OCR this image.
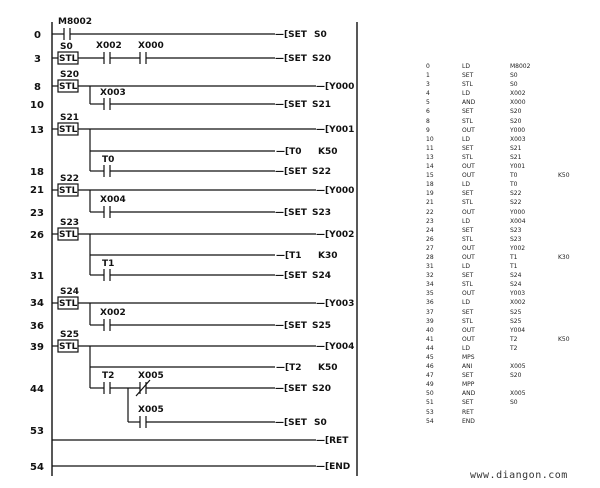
0
3
8
10
13
18
21
23
26
31
34
36
39
44
53
54
M8002
—[SET S0
STL
S0	X002 X000
—[SET S20
STL
S20
—[Y000
X003
—[SET S21
STL
S21
—[Y001
—[T0 K50
T0
—[SET S22
STL
S22
—[Y000
X004
—[SET S23
STL
S23
—[Y002
—[T1 K30
T1
—[SET S24
STL
S24
—[Y003
X002
—[SET S25
STL
S25
—[Y004
—[T2 K50
T2	X005
—[SET S20
X005
—[SET S0
—[RET
—[END
0	LD	M8002	
1	SET	S0	
3	STL	S0	
4	LD	X002	
5	AND	X000	
6	SET	S20	
8	STL	S20	
9	OUT	Y000	
10	LD	X003	
11	SET	S21	
13	STL	S21	
14	OUT	Y001	
15	OUT	T0	K50
18	LD	T0	
19	SET	S22	
21	STL	S22	
22	OUT	Y000	
23	LD	X004	
24	SET	S23	
26	STL	S23	
27	OUT	Y002	
28	OUT	T1	K30
31	LD	T1	
32	SET	S24	
34	STL	S24	
35	OUT	Y003	
36	LD	X002	
37	SET	S25	
39	STL	S25	
40	OUT	Y004	
41	OUT	T2	K50
44	LD	T2	
45	MPS		
46	ANI	X005	
47	SET	S20	
49	MPP		
50	AND	X005	
51	SET	S0	
53	RET		
54	END		
www.diangon.com
